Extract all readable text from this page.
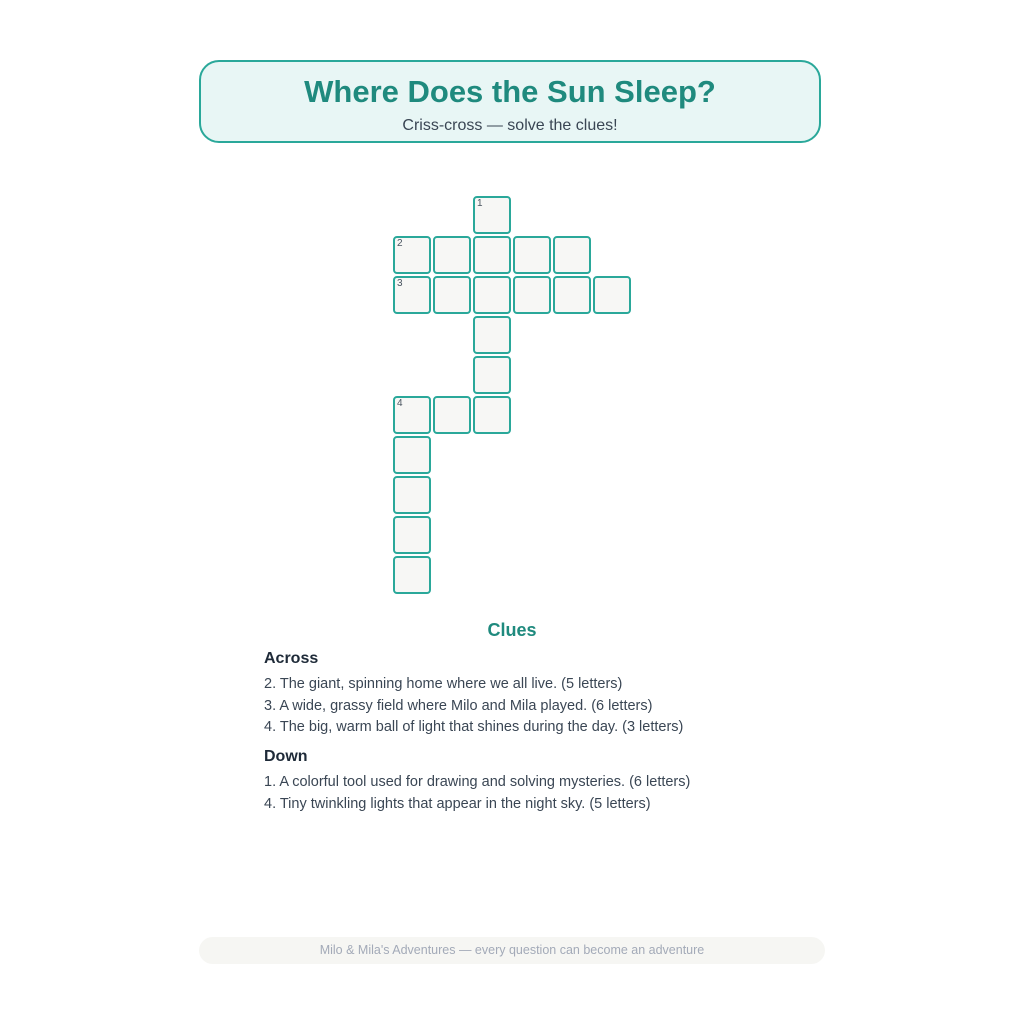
Where Does the Sun Sleep?
Criss-cross — solve the clues!
1
2
3
4
Clues
Across
2. The giant, spinning home where we all live. (5 letters)
3. A wide, grassy field where Milo and Mila played. (6 letters)
4. The big, warm ball of light that shines during the day. (3 letters)
Down
1. A colorful tool used for drawing and solving mysteries. (6 letters)
4. Tiny twinkling lights that appear in the night sky. (5 letters)
Milo & Mila's Adventures — every question can become an adventure
